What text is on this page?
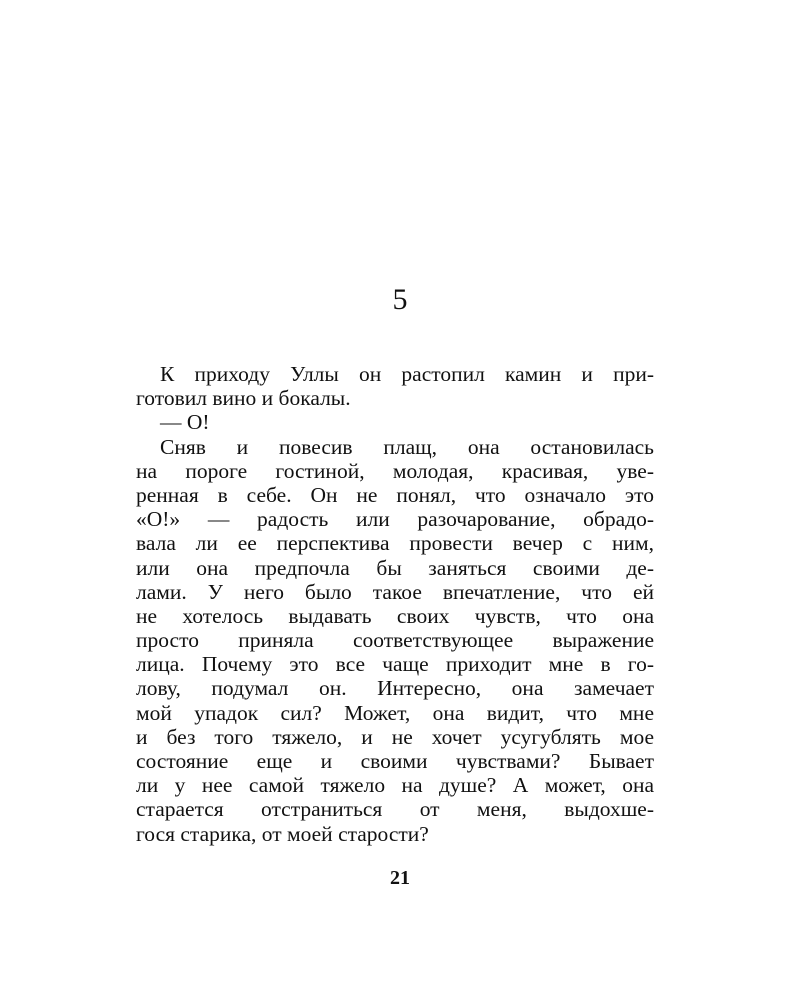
5
К приходу Уллы он растопил камин и при-
готовил вино и бокалы.
— О!
Сняв и повесив плащ, она остановилась
на пороге гостиной, молодая, красивая, уве-
ренная в себе. Он не понял, что означало это
«О!» — радость или разочарование, обрадо-
вала ли ее перспектива провести вечер с ним,
или она предпочла бы заняться своими де-
лами. У него было такое впечатление, что ей
не хотелось выдавать своих чувств, что она
просто приняла соответствующее выражение
лица. Почему это все чаще приходит мне в го-
лову, подумал он. Интересно, она замечает
мой упадок сил? Может, она видит, что мне
и без того тяжело, и не хочет усугублять мое
состояние еще и своими чувствами? Бывает
ли у нее самой тяжело на душе? А может, она
старается отстраниться от меня, выдохше-
гося старика, от моей старости?
21
